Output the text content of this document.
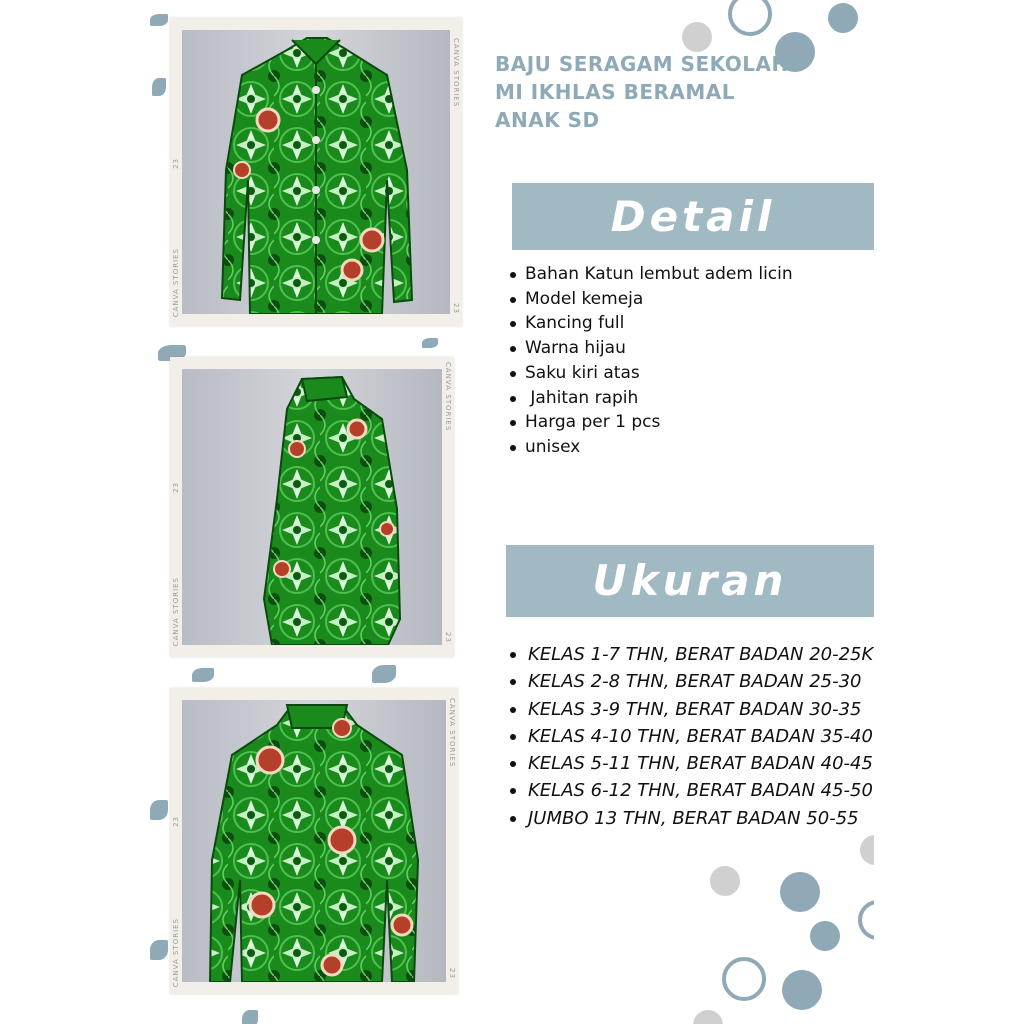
CANVA STORIES
23
CANVA STORIES
23
CANVA STORIES
23
CANVA STORIES
23
CANVA STORIES
23
CANVA STORIES
23
BAJU SERAGAM SEKOLAH
MI IKHLAS BERAMAL
ANAK SD
Detail
Bahan Katun lembut adem licin
Model kemeja
Kancing full
Warna hijau
Saku kiri atas
Jahitan rapih
Harga per 1 pcs
unisex
Ukuran
KELAS 1-7 THN, BERAT BADAN 20-25K
KELAS 2-8 THN, BERAT BADAN 25-30
KELAS 3-9 THN, BERAT BADAN 30-35
KELAS 4-10 THN, BERAT BADAN 35-40
KELAS 5-11 THN, BERAT BADAN 40-45
KELAS 6-12 THN, BERAT BADAN 45-50
JUMBO 13 THN, BERAT BADAN 50-55
